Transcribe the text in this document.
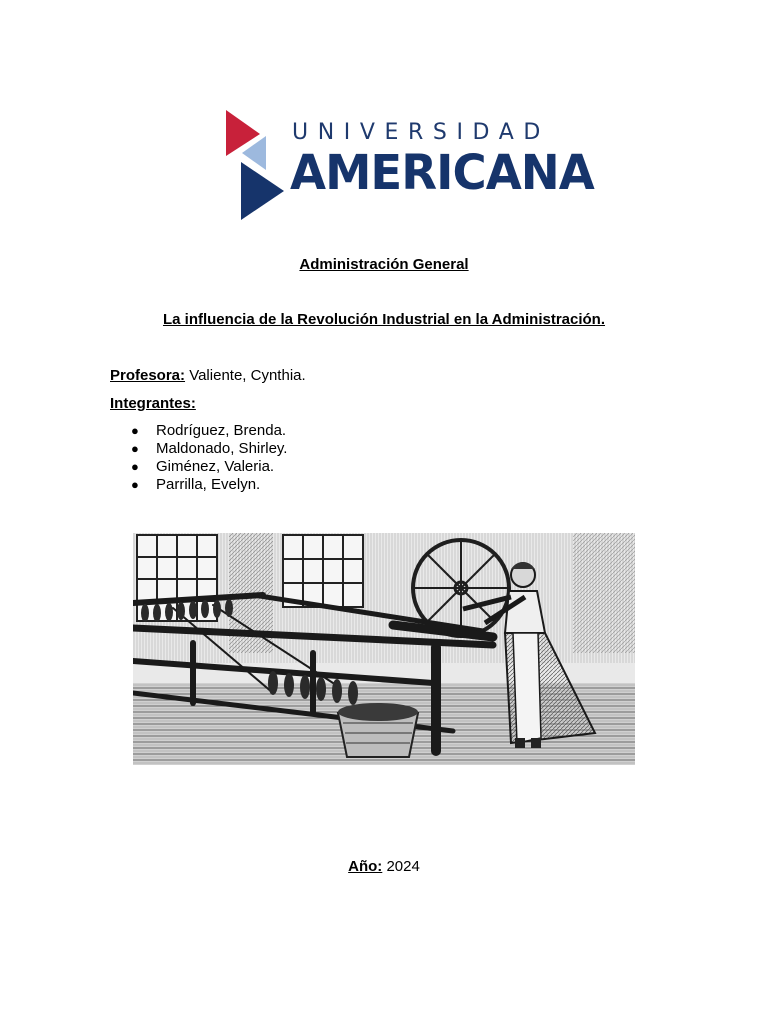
UNIVERSIDAD
AMERICANA
Administración General
La influencia de la Revolución Industrial en la Administración.
Profesora: Valiente, Cynthia.
Integrantes:
● Rodríguez, Brenda.
● Maldonado, Shirley.
● Giménez, Valeria.
● Parrilla, Evelyn.
Año: 2024
